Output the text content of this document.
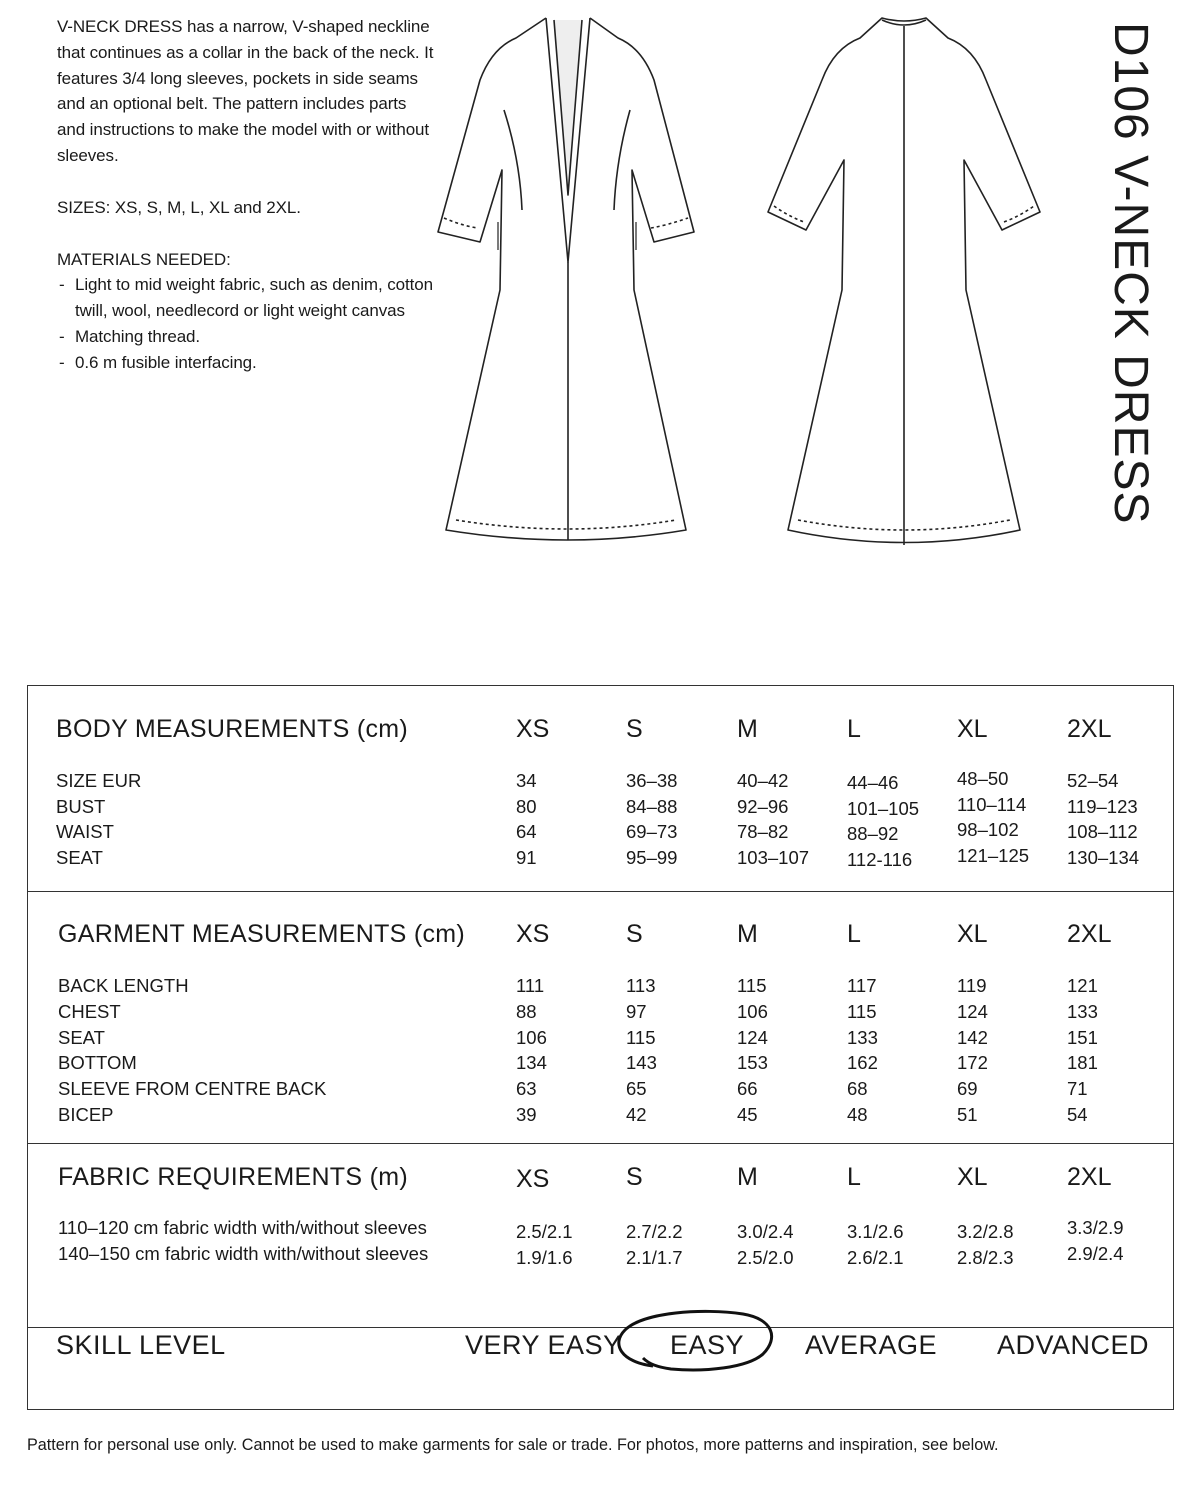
V-NECK DRESS has a narrow, V-shaped neckline that continues as a collar in the back of the neck. It features 3/4 long sleeves, pockets in side seams and an optional belt. The pattern includes parts and instructions to make the model with or without sleeves.

SIZES: XS, S, M, L, XL and 2XL.

MATERIALS NEEDED:

- Light to mid weight fabric, such as denim, cotton twill, wool, needlecord or light weight canvas
- Matching thread.
- 0.6 m fusible interfacing.	D106 V-NECK DRESS
BODY MEASUREMENTS (cm)	XS	S	M	L	XL	2XL
SIZE EUR	34	36–38	40–42	44–46	48–50	52–54
BUST	80	84–88	92–96	101–105 110–114 119–123
WAIST	64	69–73	78–82	88–92	98–102	108–112
SEAT	91	95–99	103–107 112-116 121–125 130–134
GARMENT MEASUREMENTS (cm) XS	S	M	L	XL	2XL
BACK LENGTH	111	113	115	117	119	121
CHEST	88	97	106	115	124	133
SEAT	106	115	124	133	142	151
BOTTOM	134	143	153	162	172	181
SLEEVE FROM CENTRE BACK	63	65	66	68	69	71
BICEP	39	42	45	48	51	54
FABRIC REQUIREMENTS (m)	XS	S	M	L	XL	2XL
110–120 cm fabric width with/without sleeves	2.5/2.1	2.7/2.2	3.0/2.4	3.1/2.6	3.2/2.8	3.3/2.9
140–150 cm fabric width with/without sleeves	1.9/1.6	2.1/1.7	2.5/2.0	2.6/2.1	2.8/2.3	2.9/2.4
SKILL LEVEL	VERY EASY EASY AVERAGE ADVANCED
Pattern for personal use only. Cannot be used to make garments for sale or trade. For photos, more patterns and inspiration, see below.
